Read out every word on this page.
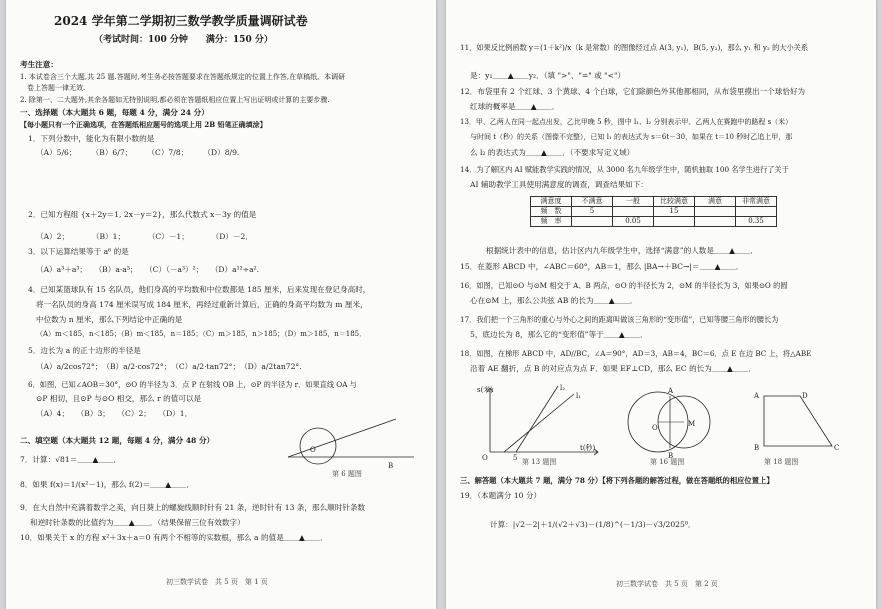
2024 学年第二学期初三数学教学质量调研试卷
（考试时间：100 分钟　　满分：150 分）
考生注意：
1. 本试卷含三个大题,共 25 题.答题时,考生务必按答题要求在答题纸规定的位置上作答,在草稿纸、本调研
　卷上答题一律无效.
2. 除第一、二大题外,其余各题如无特别说明,都必须在答题纸相应位置上写出证明或计算的主要步骤.
一、选择题（本大题共 6 题，每题 4 分，满分 24 分）
【每小题只有一个正确选项，在答题纸相应题号的选项上用 2B 铅笔正确填涂】
1．下列分数中，能化为有限小数的是
（A）5/6；　　　（B）6/7；　　　（C）7/8；　　　（D）8/9.
2．已知方程组 {x＋2y＝1, 2x－y＝2}，那么代数式 x－3y 的值是
（A）2；　　　　（B）1；　　　　（C）－1；　　　　（D）－2．
3．以下运算结果等于 a⁶ 的是
（A）a³＋a³；　　（B）a·a⁵；　　（C）（－a³）²；　　（D）a¹²÷a².
4．已知某篮球队有 15 名队员，他们身高的平均数和中位数都是 185 厘米，后来发现在登记身高时，
将一名队员的身高 174 厘米误写成 184 厘米，再经过重新计算后，正确的身高平均数为 m 厘米，
中位数为 n 厘米，那么下列结论中正确的是
（A）m＜185，n＜185；（B）m＜185，n＝185；（C）m＞185，n＞185；（D）m＞185，n＝185．
5．边长为 a 的正十边形的半径是
（A）a/2cos72°；　（B）a/2·cos72°；　（C）a/2·tan72°；　（D）a/2tan72°.
6．如图，已知∠AOB＝30°，⊙O 的半径为 3．点 P 在射线 OB 上，⊙P 的半径为 r．如果直线 OA 与
⊙P 相切，且⊙P 与⊙O 相交，那么 r 的值可以是
（A）4；　　（B）3；　　（C）2；　　（D）1．
O
B
第 6 题图
二、填空题（本大题共 12 题，每题 4 分，满分 48 分）
7．计算：√81＝＿＿▲＿＿．
8．如果 f(x)＝1/(x²－1)，那么 f(2)＝＿＿▲＿＿．
9．在大自然中充满着数学之美，向日葵上的螺旋线顺时针有 21 条，逆时针有 13 条，那么顺时针条数
和逆时针条数的比值约为＿＿▲＿＿．（结果保留三位有效数字）
10．如果关于 x 的方程 x²＋3x＋a＝0 有两个不相等的实数根，那么 a 的值是＿＿▲＿＿．
初三数学试卷　共 5 页　第 1 页
11．如果反比例函数 y＝(1＋k²)/x（k 是常数）的图像经过点 A(3, y₁)，B(5, y₂)，那么 y₁ 和 y₂ 的大小关系
是：y₁＿＿▲＿＿y₂．（填 ">"、"=" 或 "<"）
12．布袋里有 2 个红球、3 个黄球、4 个白球，它们除颜色外其他都相同，从布袋里摸出一个球恰好为
红球的概率是＿＿▲＿＿．
13．甲、乙两人在同一起点出发，乙比甲晚 5 秒，图中 l₁、l₂ 分别表示甲、乙两人在赛跑中的路程 s（米）
与时间 t（秒）的关系（图像不完整），已知 l₁ 的表达式为 s＝6t－30，如果在 t＝10 秒时乙追上甲，那
么 l₂ 的表达式为＿＿▲＿＿．（不要求写定义域）
14．为了解区内 AI 赋能教学实践的情况，从 3000 名九年级学生中，随机抽取 100 名学生进行了关于
AI 辅助教学工具使用满意度的调查，调查结果如下：
满意度	不满意	一般	比较满意	满意	非常满意
频　数	5		15		
频　率		0.05			0.35
根据统计表中的信息，估计区内九年级学生中，选择“满意”的人数是＿＿▲＿＿．
15．在菱形 ABCD 中，∠ABC＝60°，AB＝1，那么 |BA→＋BC→|＝＿＿▲＿＿．
16．如图，已知⊙O 与⊙M 相交于 A、B 两点，⊙O 的半径长为 2，⊙M 的半径长为 3，如果⊙O 的圆
心在⊙M 上，那么公共弦 AB 的长为＿＿▲＿＿．
17．我们把一个三角形的重心与外心之间的距离叫做该三角形的“变形值”，已知等腰三角形的腰长为
5，底边长为 8，那么它的“变形值”等于＿＿▲＿＿．
18．如图，在梯形 ABCD 中，AD//BC，∠A＝90°，AD＝3，AB＝4，BC＝6．点 E 在边 BC 上，将△ABE
沿着 AE 翻折，点 B 的对应点为点 F．如果 EF⊥CD，那么 EC 的长为＿＿▲＿＿．
s(米)
t(秒)
O	5
l₂
l₁
第 13 题图
A
B
O	M
第 16 题图
A	D
B	C
第 18 题图
三、解答题（本大题共 7 题，满分 78 分）【将下列各题的解答过程，做在答题纸的相应位置上】
19．（本题满分 10 分）
计算：|√2－2|＋1/(√2＋√3)－(1/8)^(－1/3)－√3/2025⁰．
初三数学试卷　共 5 页　第 2 页
